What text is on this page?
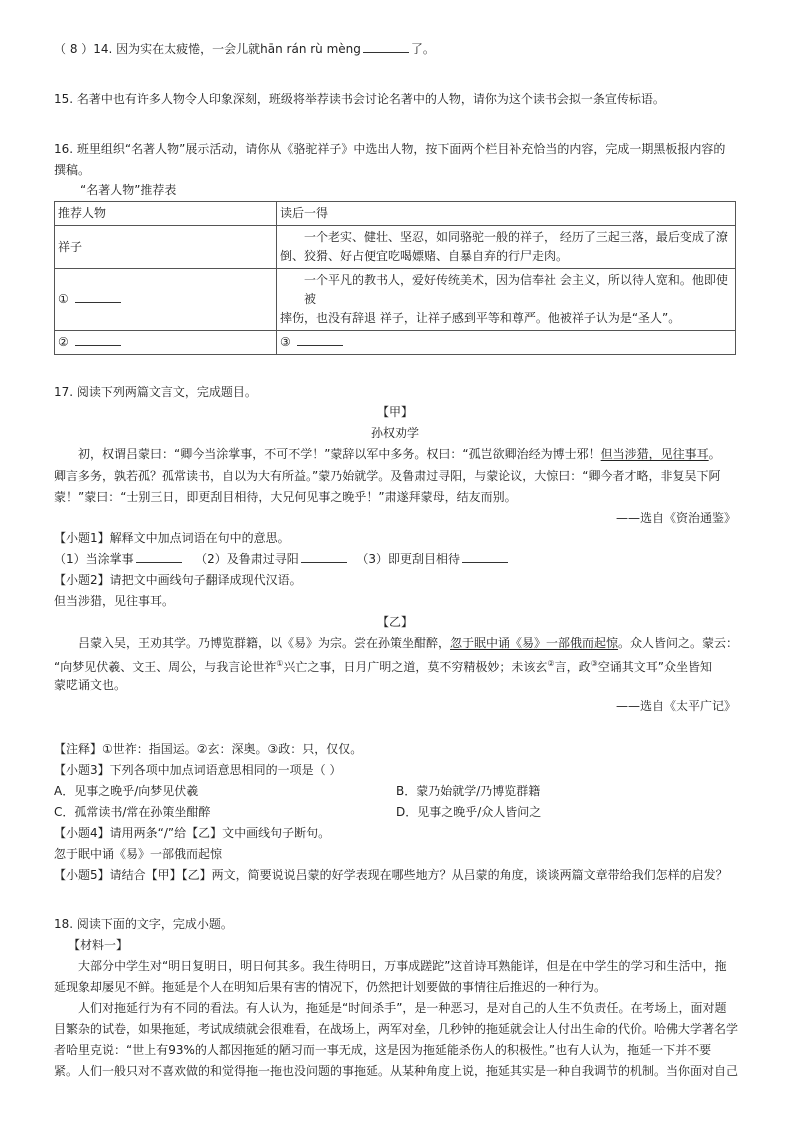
（ 8 ）14. 因为实在太疲惓，一会儿就hān rán rù mèng	了。
15. 名著中也有许多人物令人印象深刻，班级将举荐读书会讨论名著中的人物，请你为这个读书会拟一条宣传标语。
16. 班里组织“名著人物”展示活动，请你从《骆驼祥子》中选出人物，按下面两个栏目补充恰当的内容，完成一期黑板报内容的
撰稿。
“名著人物”推荐表
推荐人物	读后一得
祥子	一个老实、健壮、坚忍，如同骆驼一般的祥子， 经历了三起三落，最后变成了潦
倒、狡猾、好占便宜吃喝嫖赌、自暴自弃的行尸走肉。

①	一个平凡的教书人，爱好传统美术，因为信奉社 会主义，所以待人宽和。他即使被
摔伤，也没有辞退 祥子，让祥子感到平等和尊严。他被祥子认为是“圣人”。

②	③
17. 阅读下列两篇文言文，完成题目。
【甲】
孙权劝学
初，权谓吕蒙曰：“卿今当涂掌事，不可不学！”蒙辞以军中多务。权曰：“孤岂欲卿治经为博士邪！但当涉猎，见往事耳。
卿言多务，孰若孤？孤常读书，自以为大有所益。”蒙乃始就学。及鲁肃过寻阳，与蒙论议，大惊曰：“卿今者才略，非复吴下阿
蒙！”蒙曰：“士别三日，即更刮目相待，大兄何见事之晚乎！”肃遂拜蒙母，结友而别。
——选自《资治通鉴》
【小题1】解释文中加点词语在句中的意思。
（1）当涂掌事	（2）及鲁肃过寻阳	（3）即更刮目相待
【小题2】请把文中画线句子翻译成现代汉语。
但当涉猎，见往事耳。
【乙】
吕蒙入吴，王劝其学。乃博览群籍，以《易》为宗。尝在孙策坐酣醉，忽于眠中诵《易》一部俄而起惊。众人皆问之。蒙云：
“向梦见伏羲、文王、周公，与我言论世祚①兴亡之事，日月广明之道，莫不穷精极妙；未该玄②言，政③空诵其文耳”众坐皆知
蒙呓诵文也。
——选自《太平广记》
【注释】①世祚：指国运。②玄：深奥。③政：只，仅仅。
【小题3】下列各项中加点词语意思相同的一项是（ ）
A．见事之晚乎/向梦见伏羲	B．蒙乃始就学/乃博览群籍
C．孤常读书/常在孙策坐酣醉	D．见事之晚乎/众人皆问之
【小题4】请用两条“/”给【乙】文中画线句子断句。
忽于眠中诵《易》一部俄而起惊
【小题5】请结合【甲】【乙】两文，简要说说吕蒙的好学表现在哪些地方？从吕蒙的角度，谈谈两篇文章带给我们怎样的启发？
18. 阅读下面的文字，完成小题。
【材料一】
大部分中学生对“明日复明日，明日何其多。我生待明日，万事成蹉跎”这首诗耳熟能详，但是在中学生的学习和生活中，拖
延现象却屡见不鲜。拖延是个人在明知后果有害的情况下，仍然把计划要做的事情往后推迟的一种行为。
人们对拖延行为有不同的看法。有人认为，拖延是“时间杀手”，是一种恶习，是对自己的人生不负责任。在考场上，面对题
目繁杂的试卷，如果拖延，考试成绩就会很难看，在战场上，两军对垒，几秒钟的拖延就会让人付出生命的代价。哈佛大学著名学
者哈里克说：“世上有93%的人都因拖延的陋习而一事无成，这是因为拖延能杀伤人的积极性。”也有人认为，拖延一下并不要
紧。人们一般只对不喜欢做的和觉得拖一拖也没问题的事拖延。从某种角度上说，拖延其实是一种自我调节的机制。当你面对自己
